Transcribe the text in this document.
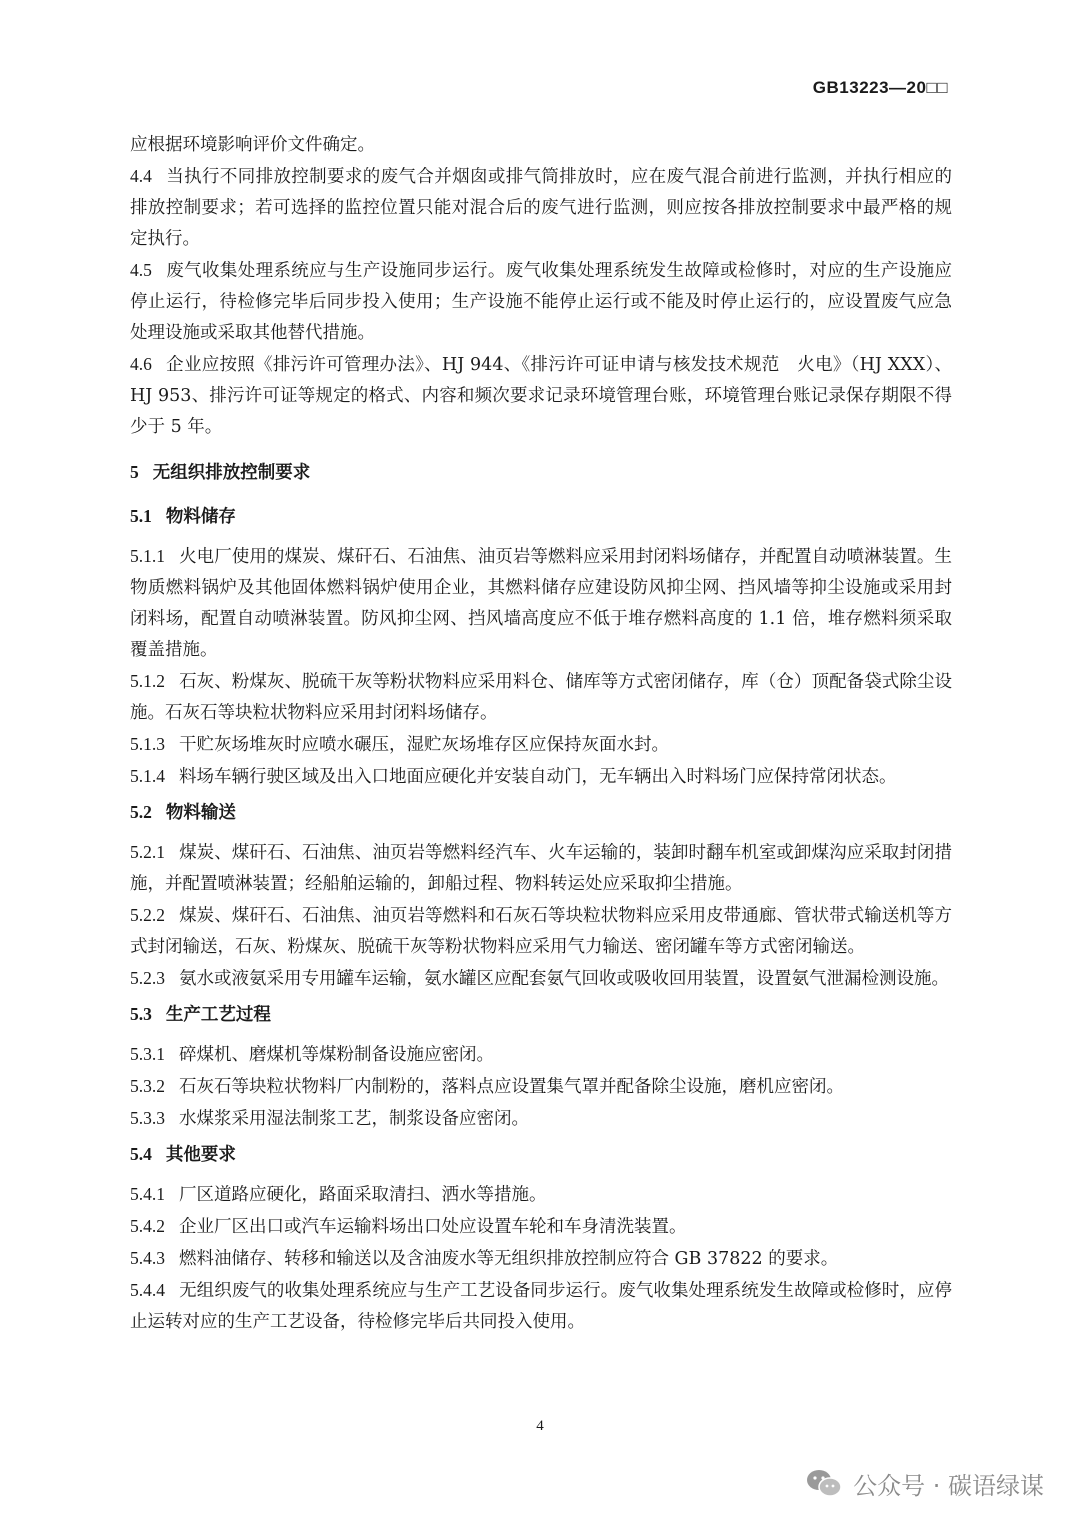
GB13223—20□□
应根据环境影响评价文件确定。
4.4 当执行不同排放控制要求的废气合并烟囱或排气筒排放时，应在废气混合前进行监测，并执行相应的排放控制要求；若可选择的监控位置只能对混合后的废气进行监测，则应按各排放控制要求中最严格的规定执行。
4.5 废气收集处理系统应与生产设施同步运行。废气收集处理系统发生故障或检修时，对应的生产设施应停止运行，待检修完毕后同步投入使用；生产设施不能停止运行或不能及时停止运行的，应设置废气应急处理设施或采取其他替代措施。
4.6 企业应按照《排污许可管理办法》、HJ 944、《排污许可证申请与核发技术规范　火电》（HJ XXX）、HJ 953、排污许可证等规定的格式、内容和频次要求记录环境管理台账，环境管理台账记录保存期限不得少于 5 年。
5 无组织排放控制要求
5.1 物料储存
5.1.1 火电厂使用的煤炭、煤矸石、石油焦、油页岩等燃料应采用封闭料场储存，并配置自动喷淋装置。生物质燃料锅炉及其他固体燃料锅炉使用企业，其燃料储存应建设防风抑尘网、挡风墙等抑尘设施或采用封闭料场，配置自动喷淋装置。防风抑尘网、挡风墙高度应不低于堆存燃料高度的 1.1 倍，堆存燃料须采取覆盖措施。
5.1.2 石灰、粉煤灰、脱硫干灰等粉状物料应采用料仓、储库等方式密闭储存，库（仓）顶配备袋式除尘设施。石灰石等块粒状物料应采用封闭料场储存。
5.1.3 干贮灰场堆灰时应喷水碾压，湿贮灰场堆存区应保持灰面水封。
5.1.4 料场车辆行驶区域及出入口地面应硬化并安装自动门，无车辆出入时料场门应保持常闭状态。
5.2 物料输送
5.2.1 煤炭、煤矸石、石油焦、油页岩等燃料经汽车、火车运输的，装卸时翻车机室或卸煤沟应采取封闭措施，并配置喷淋装置；经船舶运输的，卸船过程、物料转运处应采取抑尘措施。
5.2.2 煤炭、煤矸石、石油焦、油页岩等燃料和石灰石等块粒状物料应采用皮带通廊、管状带式输送机等方式封闭输送，石灰、粉煤灰、脱硫干灰等粉状物料应采用气力输送、密闭罐车等方式密闭输送。
5.2.3 氨水或液氨采用专用罐车运输，氨水罐区应配套氨气回收或吸收回用装置，设置氨气泄漏检测设施。
5.3 生产工艺过程
5.3.1 碎煤机、磨煤机等煤粉制备设施应密闭。
5.3.2 石灰石等块粒状物料厂内制粉的，落料点应设置集气罩并配备除尘设施，磨机应密闭。
5.3.3 水煤浆采用湿法制浆工艺，制浆设备应密闭。
5.4 其他要求
5.4.1 厂区道路应硬化，路面采取清扫、洒水等措施。
5.4.2 企业厂区出口或汽车运输料场出口处应设置车轮和车身清洗装置。
5.4.3 燃料油储存、转移和输送以及含油废水等无组织排放控制应符合 GB 37822 的要求。
5.4.4 无组织废气的收集处理系统应与生产工艺设备同步运行。废气收集处理系统发生故障或检修时，应停止运转对应的生产工艺设备，待检修完毕后共同投入使用。
4
公众号 · 碳语绿谋
